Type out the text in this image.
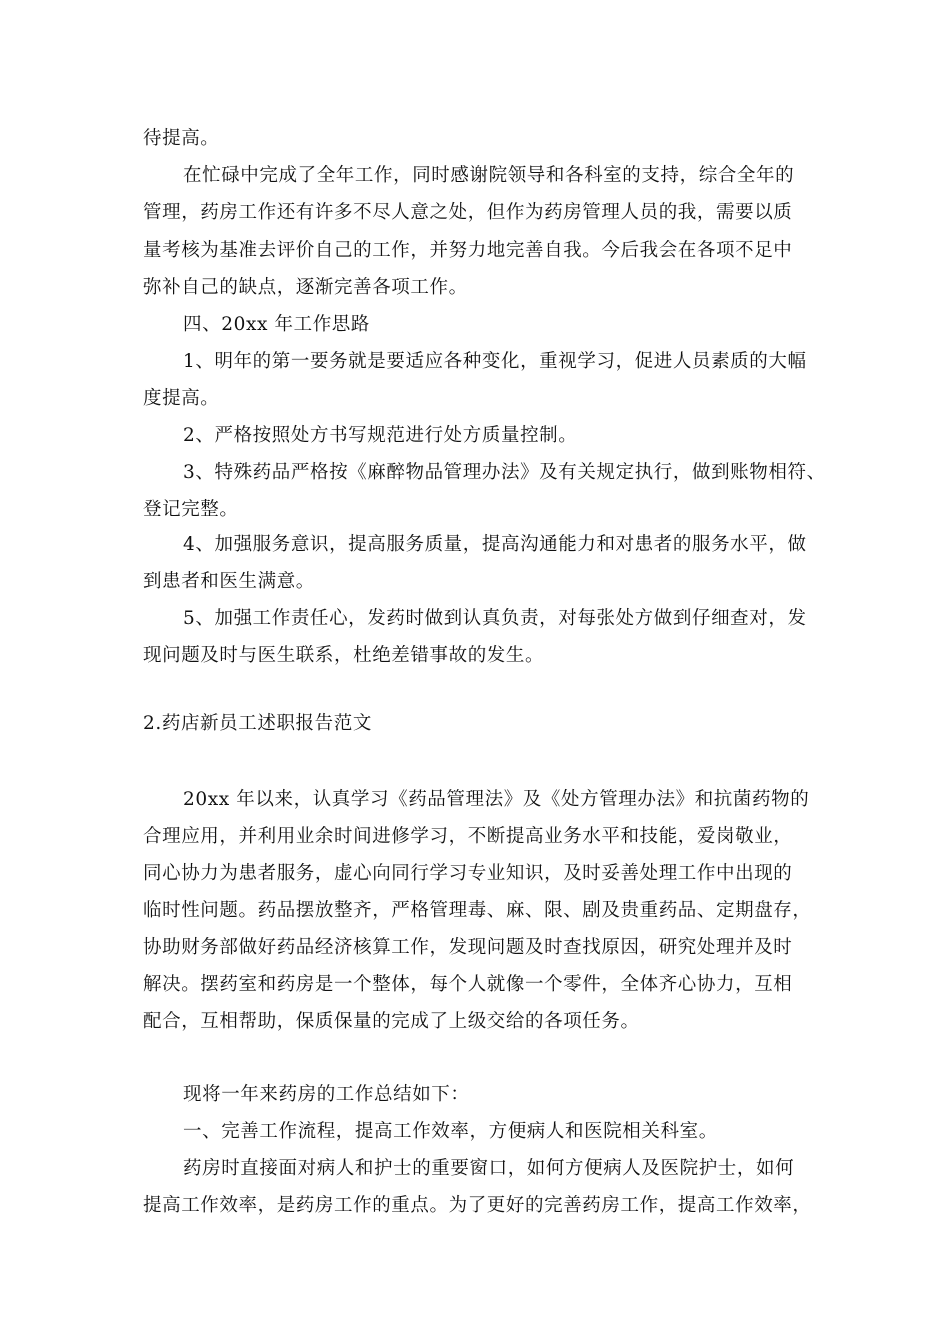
待提高。
在忙碌中完成了全年工作，同时感谢院领导和各科室的支持，综合全年的
管理，药房工作还有许多不尽人意之处，但作为药房管理人员的我，需要以质
量考核为基准去评价自己的工作，并努力地完善自我。今后我会在各项不足中
弥补自己的缺点，逐渐完善各项工作。
四、20xx 年工作思路
1、明年的第一要务就是要适应各种变化，重视学习，促进人员素质的大幅
度提高。
2、严格按照处方书写规范进行处方质量控制。
3、特殊药品严格按《麻醉物品管理办法》及有关规定执行，做到账物相符、
登记完整。
4、加强服务意识，提高服务质量，提高沟通能力和对患者的服务水平，做
到患者和医生满意。
5、加强工作责任心，发药时做到认真负责，对每张处方做到仔细查对，发
现问题及时与医生联系，杜绝差错事故的发生。
2.药店新员工述职报告范文
20xx 年以来，认真学习《药品管理法》及《处方管理办法》和抗菌药物的
合理应用，并利用业余时间进修学习，不断提高业务水平和技能，爱岗敬业，
同心协力为患者服务，虚心向同行学习专业知识，及时妥善处理工作中出现的
临时性问题。药品摆放整齐，严格管理毒、麻、限、剧及贵重药品、定期盘存，
协助财务部做好药品经济核算工作，发现问题及时查找原因，研究处理并及时
解决。摆药室和药房是一个整体，每个人就像一个零件，全体齐心协力，互相
配合，互相帮助，保质保量的完成了上级交给的各项任务。
现将一年来药房的工作总结如下：
一、完善工作流程，提高工作效率，方便病人和医院相关科室。
药房时直接面对病人和护士的重要窗口，如何方便病人及医院护士，如何
提高工作效率，是药房工作的重点。为了更好的完善药房工作，提高工作效率，
